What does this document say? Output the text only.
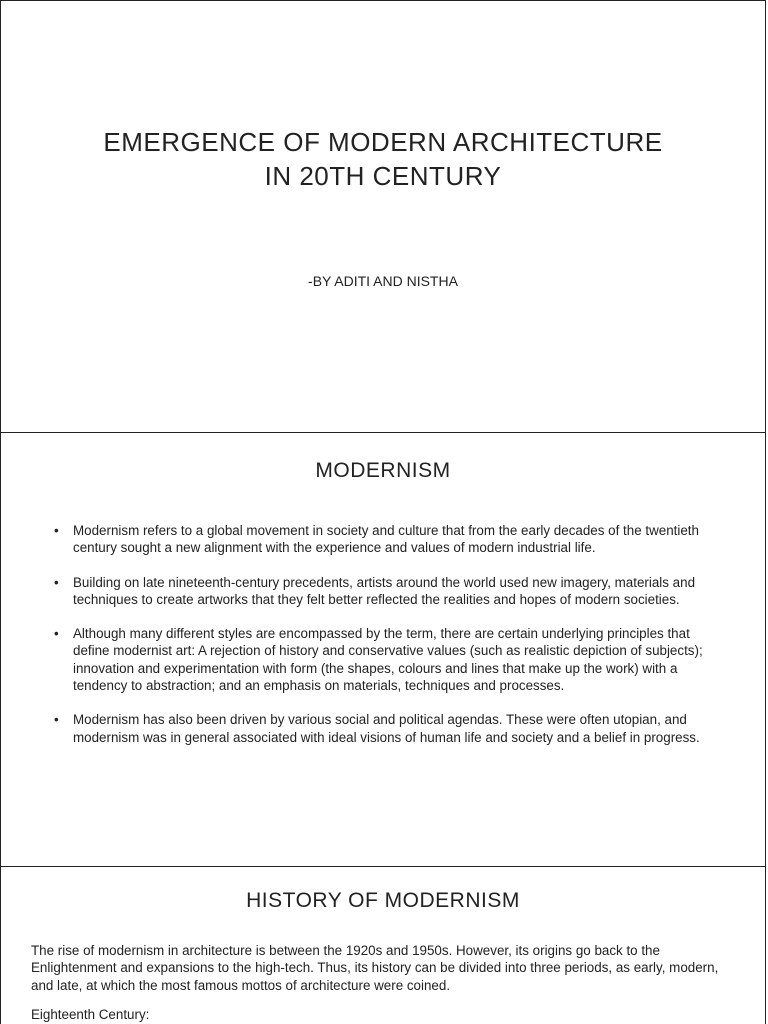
EMERGENCE OF MODERN ARCHITECTURE
IN 20TH CENTURY
-BY ADITI AND NISTHA
MODERNISM
• Modernism refers to a global movement in society and culture that from the early decades of the twentieth century sought a new alignment with the experience and values of modern industrial life.
• Building on late nineteenth-century precedents, artists around the world used new imagery, materials and techniques to create artworks that they felt better reflected the realities and hopes of modern societies.
• Although many different styles are encompassed by the term, there are certain underlying principles that define modernist art: A rejection of history and conservative values (such as realistic depiction of subjects); innovation and experimentation with form (the shapes, colours and lines that make up the work) with a tendency to abstraction; and an emphasis on materials, techniques and processes.
• Modernism has also been driven by various social and political agendas. These were often utopian, and modernism was in general associated with ideal visions of human life and society and a belief in progress.
HISTORY OF MODERNISM

The rise of modernism in architecture is between the 1920s and 1950s. However, its origins go back to the Enlightenment and expansions to the high-tech. Thus, its history can be divided into three periods, as early, modern, and late, at which the most famous mottos of architecture were coined.

Eighteenth Century:
